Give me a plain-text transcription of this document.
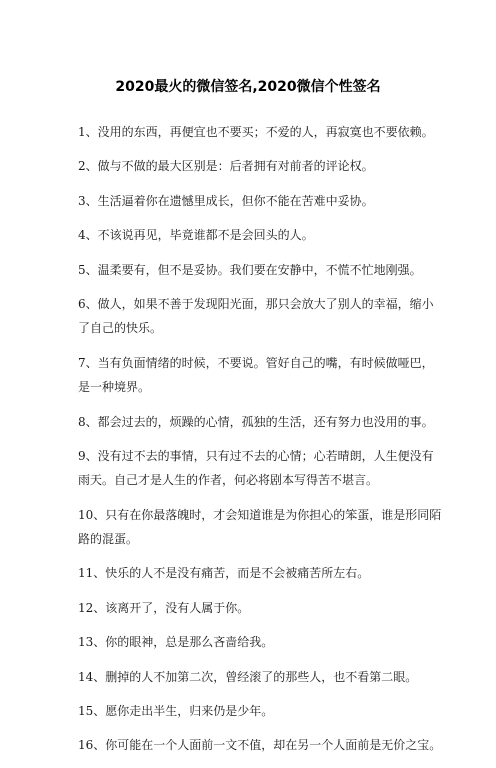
2020最火的微信签名,2020微信个性签名
1、没用的东西，再便宜也不要买；不爱的人，再寂寞也不要依赖。
2、做与不做的最大区别是：后者拥有对前者的评论权。
3、生活逼着你在遗憾里成长，但你不能在苦难中妥协。
4、不该说再见，毕竟谁都不是会回头的人。
5、温柔要有，但不是妥协。我们要在安静中，不慌不忙地刚强。
6、做人，如果不善于发现阳光面，那只会放大了别人的幸福，缩小
了自己的快乐。
7、当有负面情绪的时候，不要说。管好自己的嘴，有时候做哑巴，
是一种境界。
8、都会过去的，烦躁的心情，孤独的生活，还有努力也没用的事。
9、没有过不去的事情，只有过不去的心情；心若晴朗，人生便没有
雨天。自己才是人生的作者，何必将剧本写得苦不堪言。
10、只有在你最落魄时，才会知道谁是为你担心的笨蛋，谁是形同陌
路的混蛋。
11、快乐的人不是没有痛苦，而是不会被痛苦所左右。
12、该离开了，没有人属于你。
13、你的眼神，总是那么吝啬给我。
14、删掉的人不加第二次，曾经滚了的那些人，也不看第二眼。
15、愿你走出半生，归来仍是少年。
16、你可能在一个人面前一文不值，却在另一个人面前是无价之宝。
